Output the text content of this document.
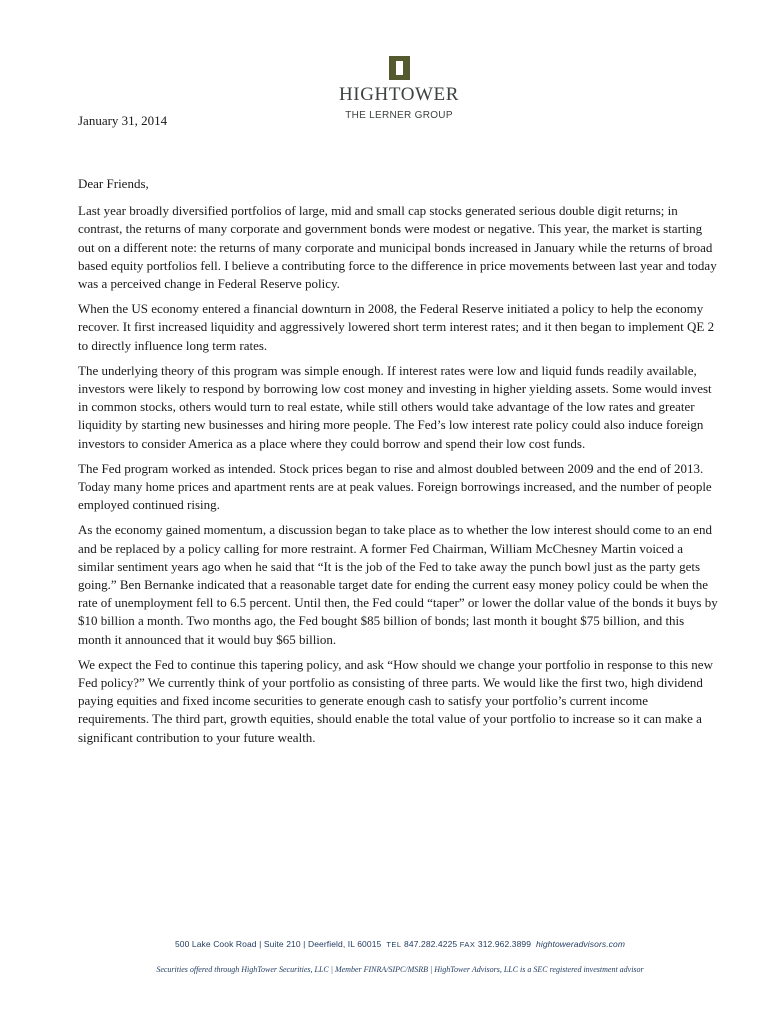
HIGHTOWER
THE LERNER GROUP
January 31, 2014

Dear Friends,

Last year broadly diversified portfolios of large, mid and small cap stocks generated serious double digit returns; in contrast, the returns of many corporate and government bonds were modest or negative. This year, the market is starting out on a different note: the returns of many corporate and municipal bonds increased in January while the returns of broad based equity portfolios fell. I believe a contributing force to the difference in price movements between last year and today was a perceived change in Federal Reserve policy.

When the US economy entered a financial downturn in 2008, the Federal Reserve initiated a policy to help the economy recover. It first increased liquidity and aggressively lowered short term interest rates; and it then began to implement QE 2 to directly influence long term rates.

The underlying theory of this program was simple enough. If interest rates were low and liquid funds readily available, investors were likely to respond by borrowing low cost money and investing in higher yielding assets. Some would invest in common stocks, others would turn to real estate, while still others would take advantage of the low rates and greater liquidity by starting new businesses and hiring more people. The Fed’s low interest rate policy could also induce foreign investors to consider America as a place where they could borrow and spend their low cost funds.

The Fed program worked as intended. Stock prices began to rise and almost doubled between 2009 and the end of 2013. Today many home prices and apartment rents are at peak values. Foreign borrowings increased, and the number of people employed continued rising.

As the economy gained momentum, a discussion began to take place as to whether the low interest should come to an end and be replaced by a policy calling for more restraint. A former Fed Chairman, William McChesney Martin voiced a similar sentiment years ago when he said that “It is the job of the Fed to take away the punch bowl just as the party gets going.” Ben Bernanke indicated that a reasonable target date for ending the current easy money policy could be when the rate of unemployment fell to 6.5 percent. Until then, the Fed could “taper” or lower the dollar value of the bonds it buys by $10 billion a month. Two months ago, the Fed bought $85 billion of bonds; last month it bought $75 billion, and this month it announced that it would buy $65 billion.

We expect the Fed to continue this tapering policy, and ask “How should we change your portfolio in response to this new Fed policy?” We currently think of your portfolio as consisting of three parts. We would like the first two, high dividend paying equities and fixed income securities to generate enough cash to satisfy your portfolio’s current income requirements. The third part, growth equities, should enable the total value of your portfolio to increase so it can make a significant contribution to your future wealth.

500 Lake Cook Road | Suite 210 | Deerfield, IL 60015 TEL 847.282.4225 FAX 312.962.3899 hightoweradvisors.com
Securities offered through HighTower Securities, LLC | Member FINRA/SIPC/MSRB | HighTower Advisors, LLC is a SEC registered investment advisor
